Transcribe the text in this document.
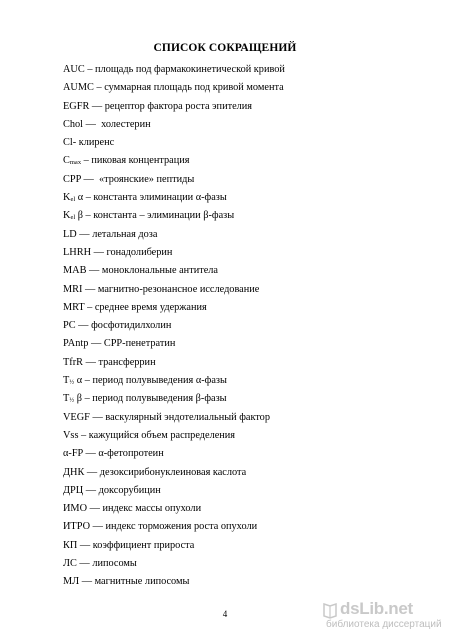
СПИСОК СОКРАЩЕНИЙ
AUC – площадь под фармакокинетической кривой
AUMC – суммарная площадь под кривой момента
EGFR — рецептор фактора роста эпителия
Chol —  холестерин
Cl- клиренс
$C_{max}$ – пиковая концентрация
CPP —  «троянские» пептиды
$K_{el}$ α – константа элиминации α-фазы
$K_{el}$ β – константа – элиминации β-фазы
LD — летальная доза
LHRH — гонадолиберин
MAB — моноклональные антитела
MRI — магнитно-резонансное исследование
MRT – среднее время удержания
PC — фосфотидилхолин
PAntp — CPP-пенетратин
TfrR — трансферрин
$T_{\frac{1}{2}}$ α – период полувыведения α-фазы
$T_{\frac{1}{2}}$ β – период полувыведения β-фазы
VEGF — васкулярный эндотелиальный фактор
Vss – кажущийся объем распределения
α-FP — α-фетопротеин
ДНК — дезоксирибонуклеиновая каслота
ДРЦ — доксорубицин
ИМО — индекс массы опухоли
ИТРО — индекс торможения роста опухоли
КП — коэффициент прироста
ЛС — липосомы
МЛ — магнитные липосомы
4	dsLib.net
библиотека диссертаций
